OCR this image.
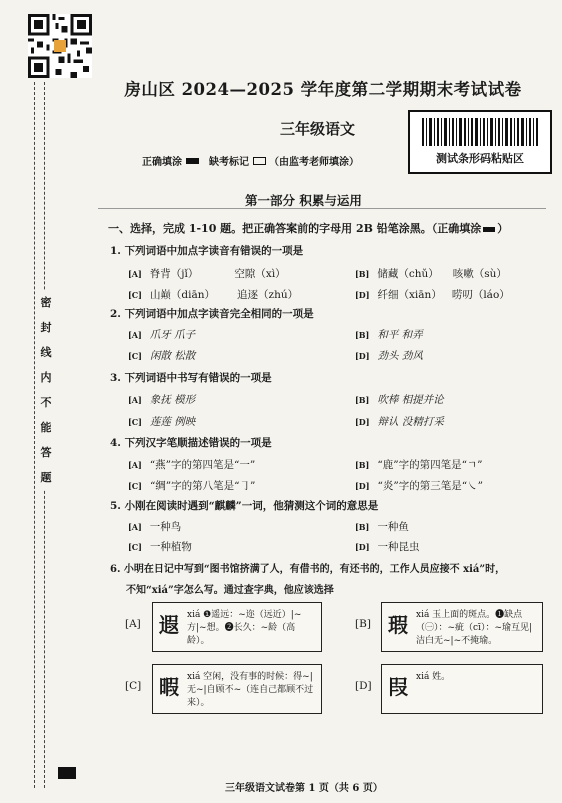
密
封
线
内
不
能
答
题
房山区 2024—2025 学年度第二学期期末考试试卷
三年级语文
正确填涂	缺考标记 （由监考老师填涂）	测试条形码粘贴区
第一部分 积累与运用
一、选择，完成 1-10 题。把正确答案前的字母用 2B 铅笔涂黑。（正确填涂 ）
1. 下列词语中加点字读音有错误的一项是
[A] 脊背（jǐ）	空隙（xì）	[B] 储藏（chǔ） 咳嗽（sù）
[C] 山巅（diān） 追逐（zhú）	[D] 纤细（xiān） 唠叨（láo）
2. 下列词语中加点字读音完全相同的一项是
[A] 爪牙 爪子	[B] 和平 和弄
[C] 闲散 松散	[D] 劲头 劲风
3. 下列词语中书写有错误的一项是
[A] 象抚 模形	[B] 吹棒 相提并论
[C] 莲莲 例映	[D] 辩认 没精打采
4. 下列汉字笔顺描述错误的一项是
[A] “燕”字的第四笔是“一”	[B] “鹿”字的第四笔是“ㄱ”
[C] “绸”字的第八笔是“㇆”	[D] “炎”字的第三笔是“㇏”
5. 小刚在阅读时遇到“麒麟”一词，他猜测这个词的意思是
[A] 一种鸟	[B] 一种鱼
[C] 一种植物	[D] 一种昆虫
6. 小明在日记中写到“图书馆挤满了人，有借书的，有还书的，工作人员应接不 xiá”时，
不知“xiá”字怎么写。通过查字典，他应该选择
[A] 遐 xiá ❶遥远：~迩（远近）|~方|~想。❷长久：~龄（高龄）。
[B] 瑕 xiá 玉上面的斑点。❶缺点（㊀）：~疵（cī）：~瑜互见|洁白无~|~不掩瑜。
[C] 暇 xiá 空闲，没有事的时候：得~|无~|自顾不~（连自己都顾不过来）。
[D] 叚 xiá 姓。
三年级语文试卷第 1 页（共 6 页）
